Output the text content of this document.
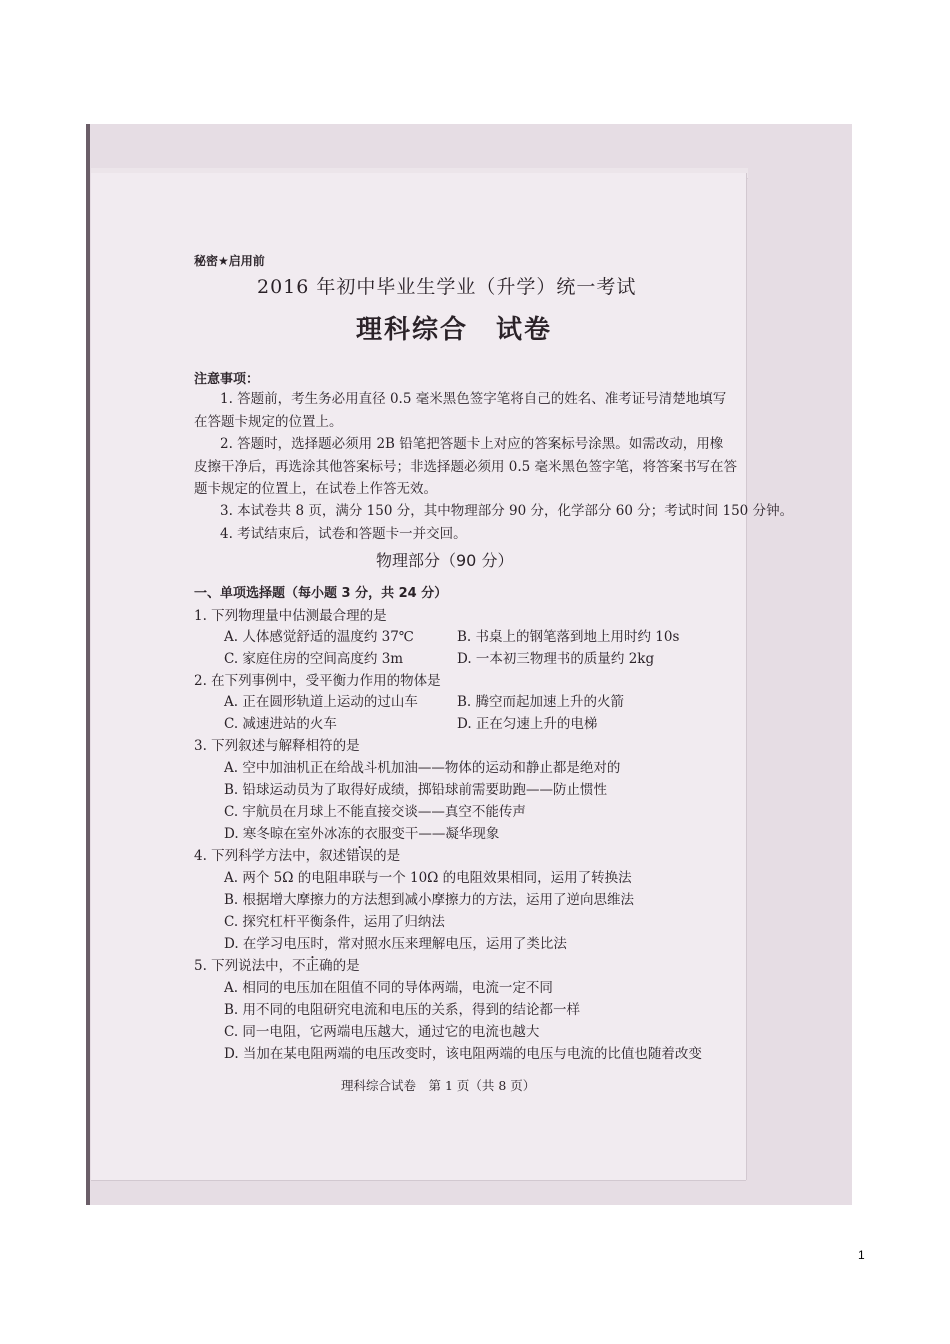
秘密★启用前
2016 年初中毕业生学业（升学）统一考试
理科综合　试卷
注意事项：
1. 答题前，考生务必用直径 0.5 毫米黑色签字笔将自己的姓名、准考证号清楚地填写
在答题卡规定的位置上。
2. 答题时，选择题必须用 2B 铅笔把答题卡上对应的答案标号涂黑。如需改动，用橡
皮擦干净后，再选涂其他答案标号；非选择题必须用 0.5 毫米黑色签字笔，将答案书写在答
题卡规定的位置上，在试卷上作答无效。
3. 本试卷共 8 页，满分 150 分，其中物理部分 90 分，化学部分 60 分；考试时间 150 分钟。
4. 考试结束后，试卷和答题卡一并交回。
物理部分（90 分）
一、单项选择题（每小题 3 分，共 24 分）
1. 下列物理量中估测最合理的是
A. 人体感觉舒适的温度约 37℃	B. 书桌上的钢笔落到地上用时约 10s
C. 家庭住房的空间高度约 3m	D. 一本初三物理书的质量约 2kg
2. 在下列事例中，受平衡力作用的物体是
A. 正在圆形轨道上运动的过山车	B. 腾空而起加速上升的火箭
C. 减速进站的火车	D. 正在匀速上升的电梯
3. 下列叙述与解释相符的是
A. 空中加油机正在给战斗机加油——物体的运动和静止都是绝对的
B. 铅球运动员为了取得好成绩，掷铅球前需要助跑——防止惯性
C. 宇航员在月球上不能直接交谈——真空不能传声
D. 寒冬晾在室外冰冻的衣服变干——凝华现象
4. 下列科学方法中，叙述错误的是
A. 两个 5Ω 的电阻串联与一个 10Ω 的电阻效果相同，运用了转换法
B. 根据增大摩擦力的方法想到减小摩擦力的方法，运用了逆向思维法
C. 探究杠杆平衡条件，运用了归纳法
D. 在学习电压时，常对照水压来理解电压，运用了类比法
5. 下列说法中，不正确的是
A. 相同的电压加在阻值不同的导体两端，电流一定不同
B. 用不同的电阻研究电流和电压的关系，得到的结论都一样
C. 同一电阻，它两端电压越大，通过它的电流也越大
D. 当加在某电阻两端的电压改变时，该电阻两端的电压与电流的比值也随着改变
理科综合试卷　第 1 页（共 8 页）
1
